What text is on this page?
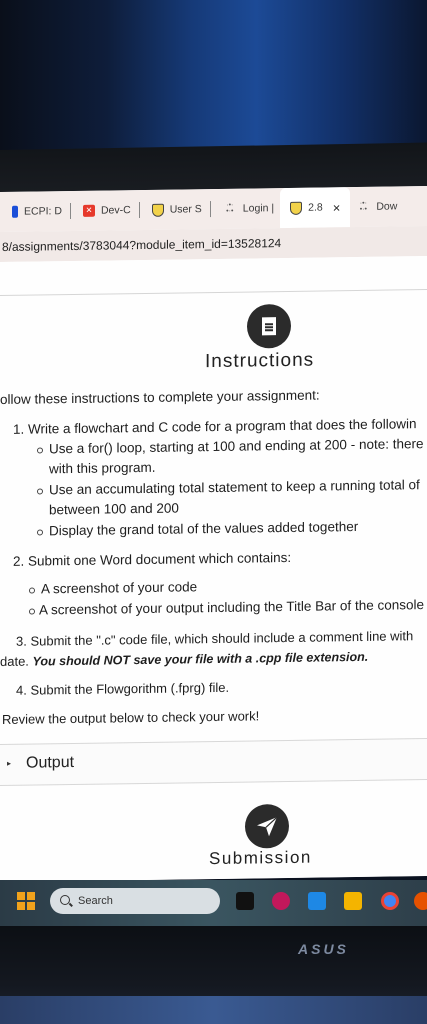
ECPI: D	✕ Dev-C	User S	·•·
•·• Login |	2.8 ×	·•·
•·• Dow
8/assignments/3783044?module_item_id=13528124
Instructions
ollow these instructions to complete your assignment:
1. Write a flowchart and C code for a program that does the followin
Use a for() loop, starting at 100 and ending at 200 - note: there
with this program.
Use an accumulating total statement to keep a running total of
between 100 and 200
Display the grand total of the values added together
2. Submit one Word document which contains:
A screenshot of your code
A screenshot of your output including the Title Bar of the console
3. Submit the ".c" code file, which should include a comment line with
date. You should NOT save your file with a .cpp file extension.
4. Submit the Flowgorithm (.fprg) file.
Review the output below to check your work!
▸ Output
Submission
Search
ASUS
